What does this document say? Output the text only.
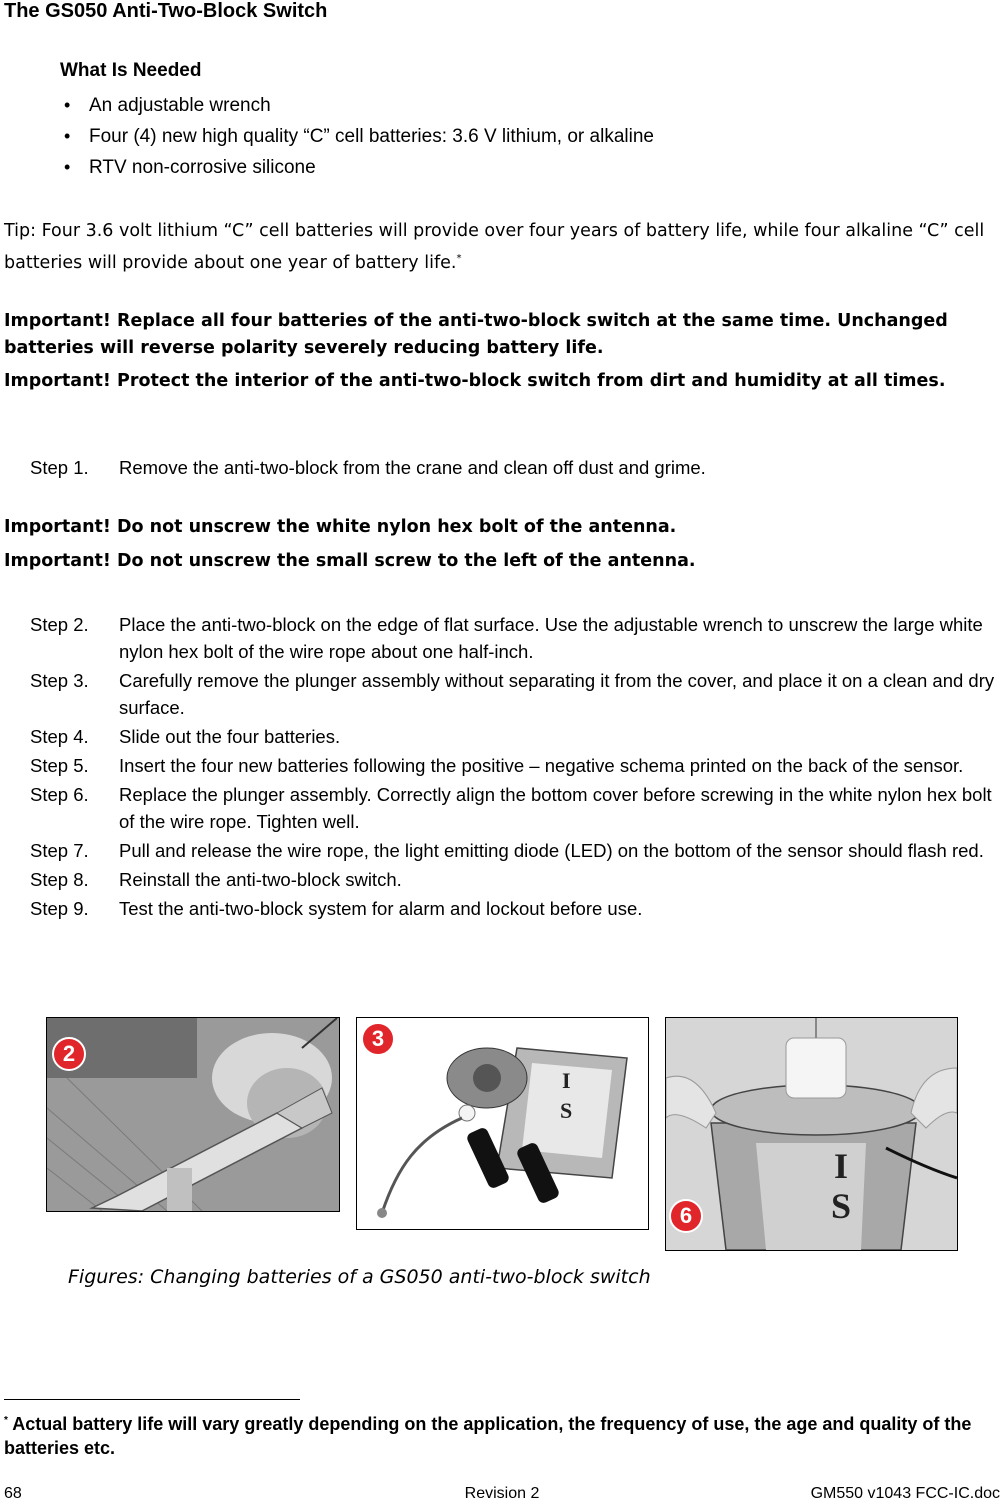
The GS050 Anti-Two-Block Switch
What Is Needed
• An adjustable wrench
• Four (4) new high quality “C” cell batteries: 3.6 V lithium, or alkaline
• RTV non-corrosive silicone
Tip: Four 3.6 volt lithium “C” cell batteries will provide over four years of battery life, while four alkaline “C” cell batteries will provide about one year of battery life.*
Important! Replace all four batteries of the anti-two-block switch at the same time. Unchanged batteries will reverse polarity severely reducing battery life.
Important! Protect the interior of the anti-two-block switch from dirt and humidity at all times.
Step 1. Remove the anti-two-block from the crane and clean off dust and grime.
Important! Do not unscrew the white nylon hex bolt of the antenna.
Important! Do not unscrew the small screw to the left of the antenna.
Step 2. Place the anti-two-block on the edge of flat surface. Use the adjustable wrench to unscrew the large white nylon hex bolt of the wire rope about one half-inch.
Step 3. Carefully remove the plunger assembly without separating it from the cover, and place it on a clean and dry surface.
Step 4. Slide out the four batteries.
Step 5. Insert the four new batteries following the positive – negative schema printed on the back of the sensor.
Step 6. Replace the plunger assembly. Correctly align the bottom cover before screwing in the white nylon hex bolt of the wire rope. Tighten well.
Step 7. Pull and release the wire rope, the light emitting diode (LED) on the bottom of the sensor should flash red.
Step 8. Reinstall the anti-two-block switch.
Step 9. Test the anti-two-block system for alarm and lockout before use.
2
I
S
3
I
S
6
Figures: Changing batteries of a GS050 anti-two-block switch
* Actual battery life will vary greatly depending on the application, the frequency of use, the age and quality of the batteries etc.
68	Revision 2	GM550 v1043 FCC-IC.doc
